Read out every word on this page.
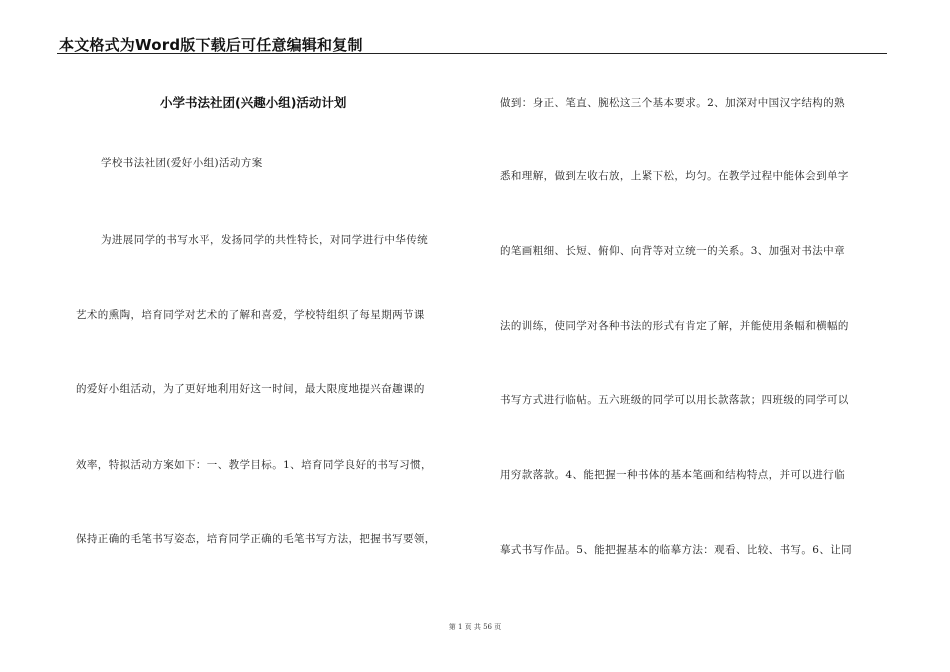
本文格式为Word版下载后可任意编辑和复制
小学书法社团(兴趣小组)活动计划
学校书法社团(爱好小组)活动方案
为进展同学的书写水平，发扬同学的共性特长，对同学进行中华传统
艺术的熏陶，培育同学对艺术的了解和喜爱，学校特组织了每星期两节课
的爱好小组活动，为了更好地利用好这一时间，最大限度地提兴奋趣课的
效率，特拟活动方案如下：一、教学目标。1、培育同学良好的书写习惯，
保持正确的毛笔书写姿态，培育同学正确的毛笔书写方法，把握书写要领，
做到：身正、笔直、腕松这三个基本要求。2、加深对中国汉字结构的熟
悉和理解，做到左收右放，上紧下松，均匀。在教学过程中能体会到单字
的笔画粗细、长短、俯仰、向背等对立统一的关系。3、加强对书法中章
法的训练，使同学对各种书法的形式有肯定了解，并能使用条幅和横幅的
书写方式进行临帖。五六班级的同学可以用长款落款；四班级的同学可以
用穷款落款。4、能把握一种书体的基本笔画和结构特点，并可以进行临
摹式书写作品。5、能把握基本的临摹方法：观看、比较、书写。6、让同
第 1 页 共 56 页
